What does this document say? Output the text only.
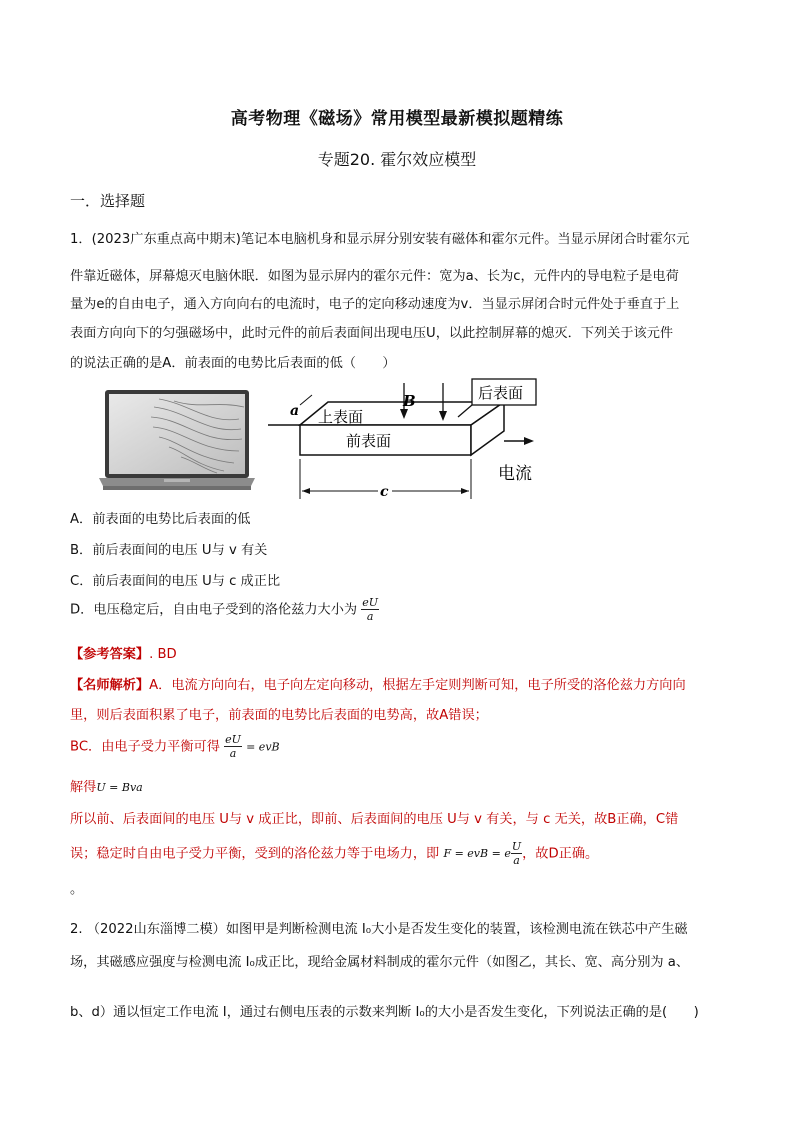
高考物理《磁场》常用模型最新模拟题精练
专题20. 霍尔效应模型
一．选择题
1．(2023广东重点高中期末)笔记本电脑机身和显示屏分别安装有磁体和霍尔元件。当显示屏闭合时霍尔元
件靠近磁体，屏幕熄灭电脑休眠．如图为显示屏内的霍尔元件：宽为a、长为c，元件内的导电粒子是电荷
量为e的自由电子，通入方向向右的电流时，电子的定向移动速度为v．当显示屏闭合时元件处于垂直于上
表面方向向下的匀强磁场中，此时元件的前后表面间出现电压U，以此控制屏幕的熄灭．下列关于该元件
的说法正确的是A．前表面的电势比后表面的低（　　）
B	后表面
a 上表面
前表面
c
电流
A．前表面的电势比后表面的低
B．前后表面间的电压 U与 v 有关
C．前后表面间的电压 U与 c 成正比
D．电压稳定后，自由电子受到的洛伦兹力大小为 $\frac{eU}{a}$
【参考答案】. BD
【名师解析】A．电流方向向右，电子向左定向移动，根据左手定则判断可知，电子所受的洛伦兹力方向向
里，则后表面积累了电子，前表面的电势比后表面的电势高，故A错误；
BC．由电子受力平衡可得 $\frac{eU}{a}$ = evB
解得U = Bva
所以前、后表面间的电压 U与 v 成正比，即前、后表面间的电压 U与 v 有关，与 c 无关，故B正确，C错
误；稳定时自由电子受力平衡，受到的洛伦兹力等于电场力，即 F = evB = e $\frac{U}{a}$ ，故D正确。
。
2. （2022山东淄博二模）如图甲是判断检测电流 I₀大小是否发生变化的装置，该检测电流在铁芯中产生磁
场，其磁感应强度与检测电流 I₀成正比，现给金属材料制成的霍尔元件（如图乙，其长、宽、高分别为 a、
b、d）通以恒定工作电流 I，通过右侧电压表的示数来判断 I₀的大小是否发生变化，下列说法正确的是(　　)
